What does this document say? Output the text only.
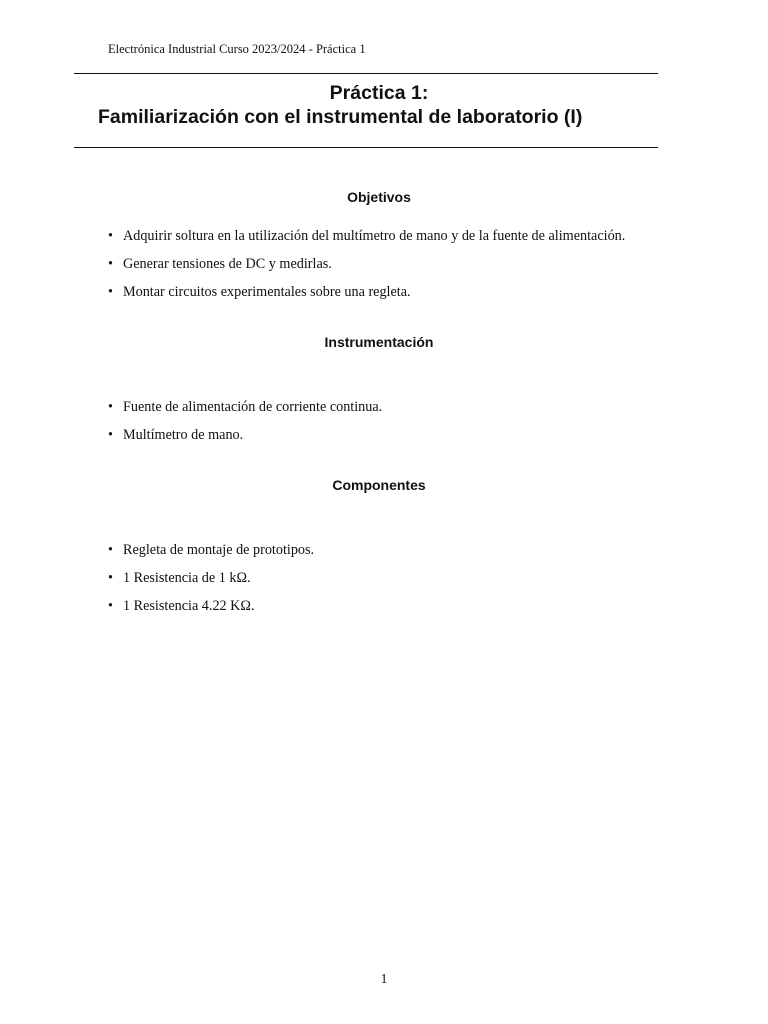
Electrónica Industrial Curso 2023/2024 - Práctica 1
Práctica 1:
Familiarización con el instrumental de laboratorio (I)
Objetivos
• Adquirir soltura en la utilización del multímetro de mano y de la fuente de alimentación.
• Generar tensiones de DC y medirlas.
• Montar circuitos experimentales sobre una regleta.
Instrumentación
• Fuente de alimentación de corriente continua.
• Multímetro de mano.
Componentes
• Regleta de montaje de prototipos.
• 1 Resistencia de 1 kΩ.
• 1 Resistencia 4.22 KΩ.
1
